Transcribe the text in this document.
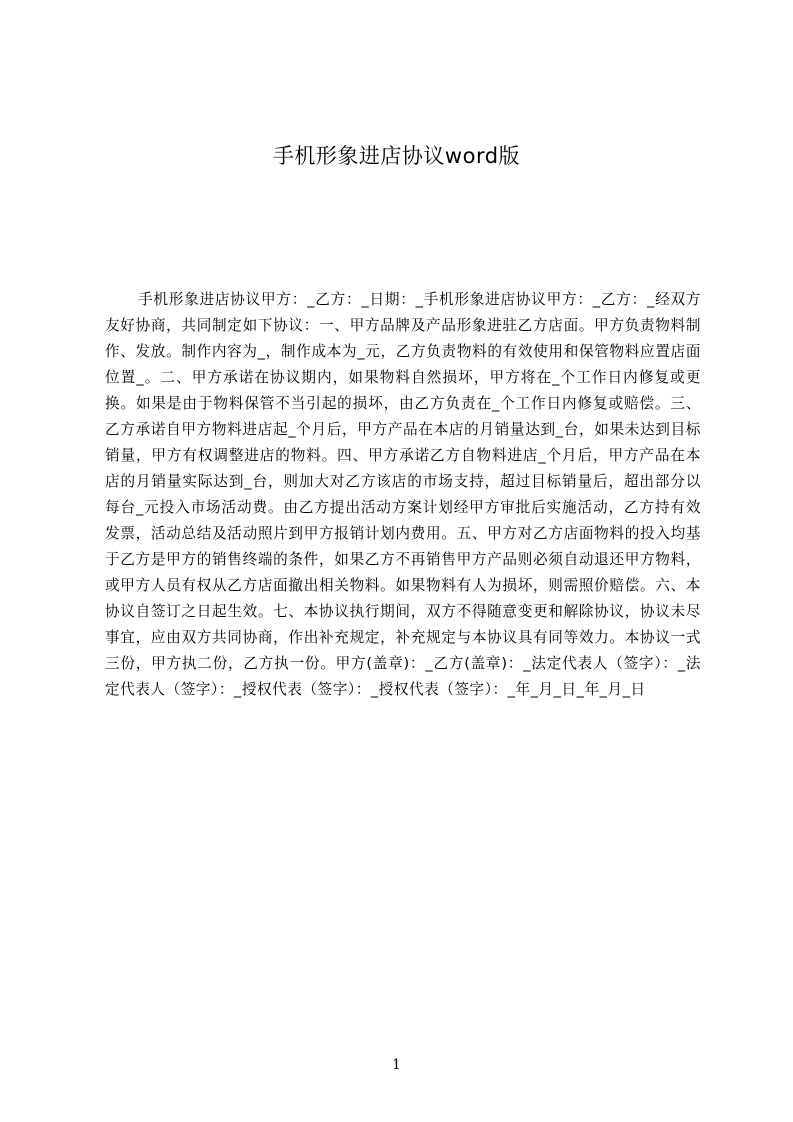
手机形象进店协议word版

手机形象进店协议甲方：_乙方：_日期：_手机形象进店协议甲方：_乙方：_经双方友好协商，共同制定如下协议：一、甲方品牌及产品形象进驻乙方店面。甲方负责物料制作、发放。制作内容为_，制作成本为_元，乙方负责物料的有效使用和保管物料应置店面位置_。二、甲方承诺在协议期内，如果物料自然损坏，甲方将在_个工作日内修复或更换。如果是由于物料保管不当引起的损坏，由乙方负责在_个工作日内修复或赔偿。三、乙方承诺自甲方物料进店起_个月后，甲方产品在本店的月销量达到_台，如果未达到目标销量，甲方有权调整进店的物料。四、甲方承诺乙方自物料进店_个月后，甲方产品在本店的月销量实际达到_台，则加大对乙方该店的市场支持，超过目标销量后，超出部分以每台_元投入市场活动费。由乙方提出活动方案计划经甲方审批后实施活动，乙方持有效发票，活动总结及活动照片到甲方报销计划内费用。五、甲方对乙方店面物料的投入均基于乙方是甲方的销售终端的条件，如果乙方不再销售甲方产品则必须自动退还甲方物料，或甲方人员有权从乙方店面撤出相关物料。如果物料有人为损坏，则需照价赔偿。六、本协议自签订之日起生效。七、本协议执行期间，双方不得随意变更和解除协议，协议未尽事宜，应由双方共同协商，作出补充规定，补充规定与本协议具有同等效力。本协议一式三份，甲方执二份，乙方执一份。甲方(盖章)：_乙方(盖章)：_法定代表人（签字）：_法定代表人（签字）：_授权代表（签字）：_授权代表（签字）：_年_月_日_年_月_日

1
